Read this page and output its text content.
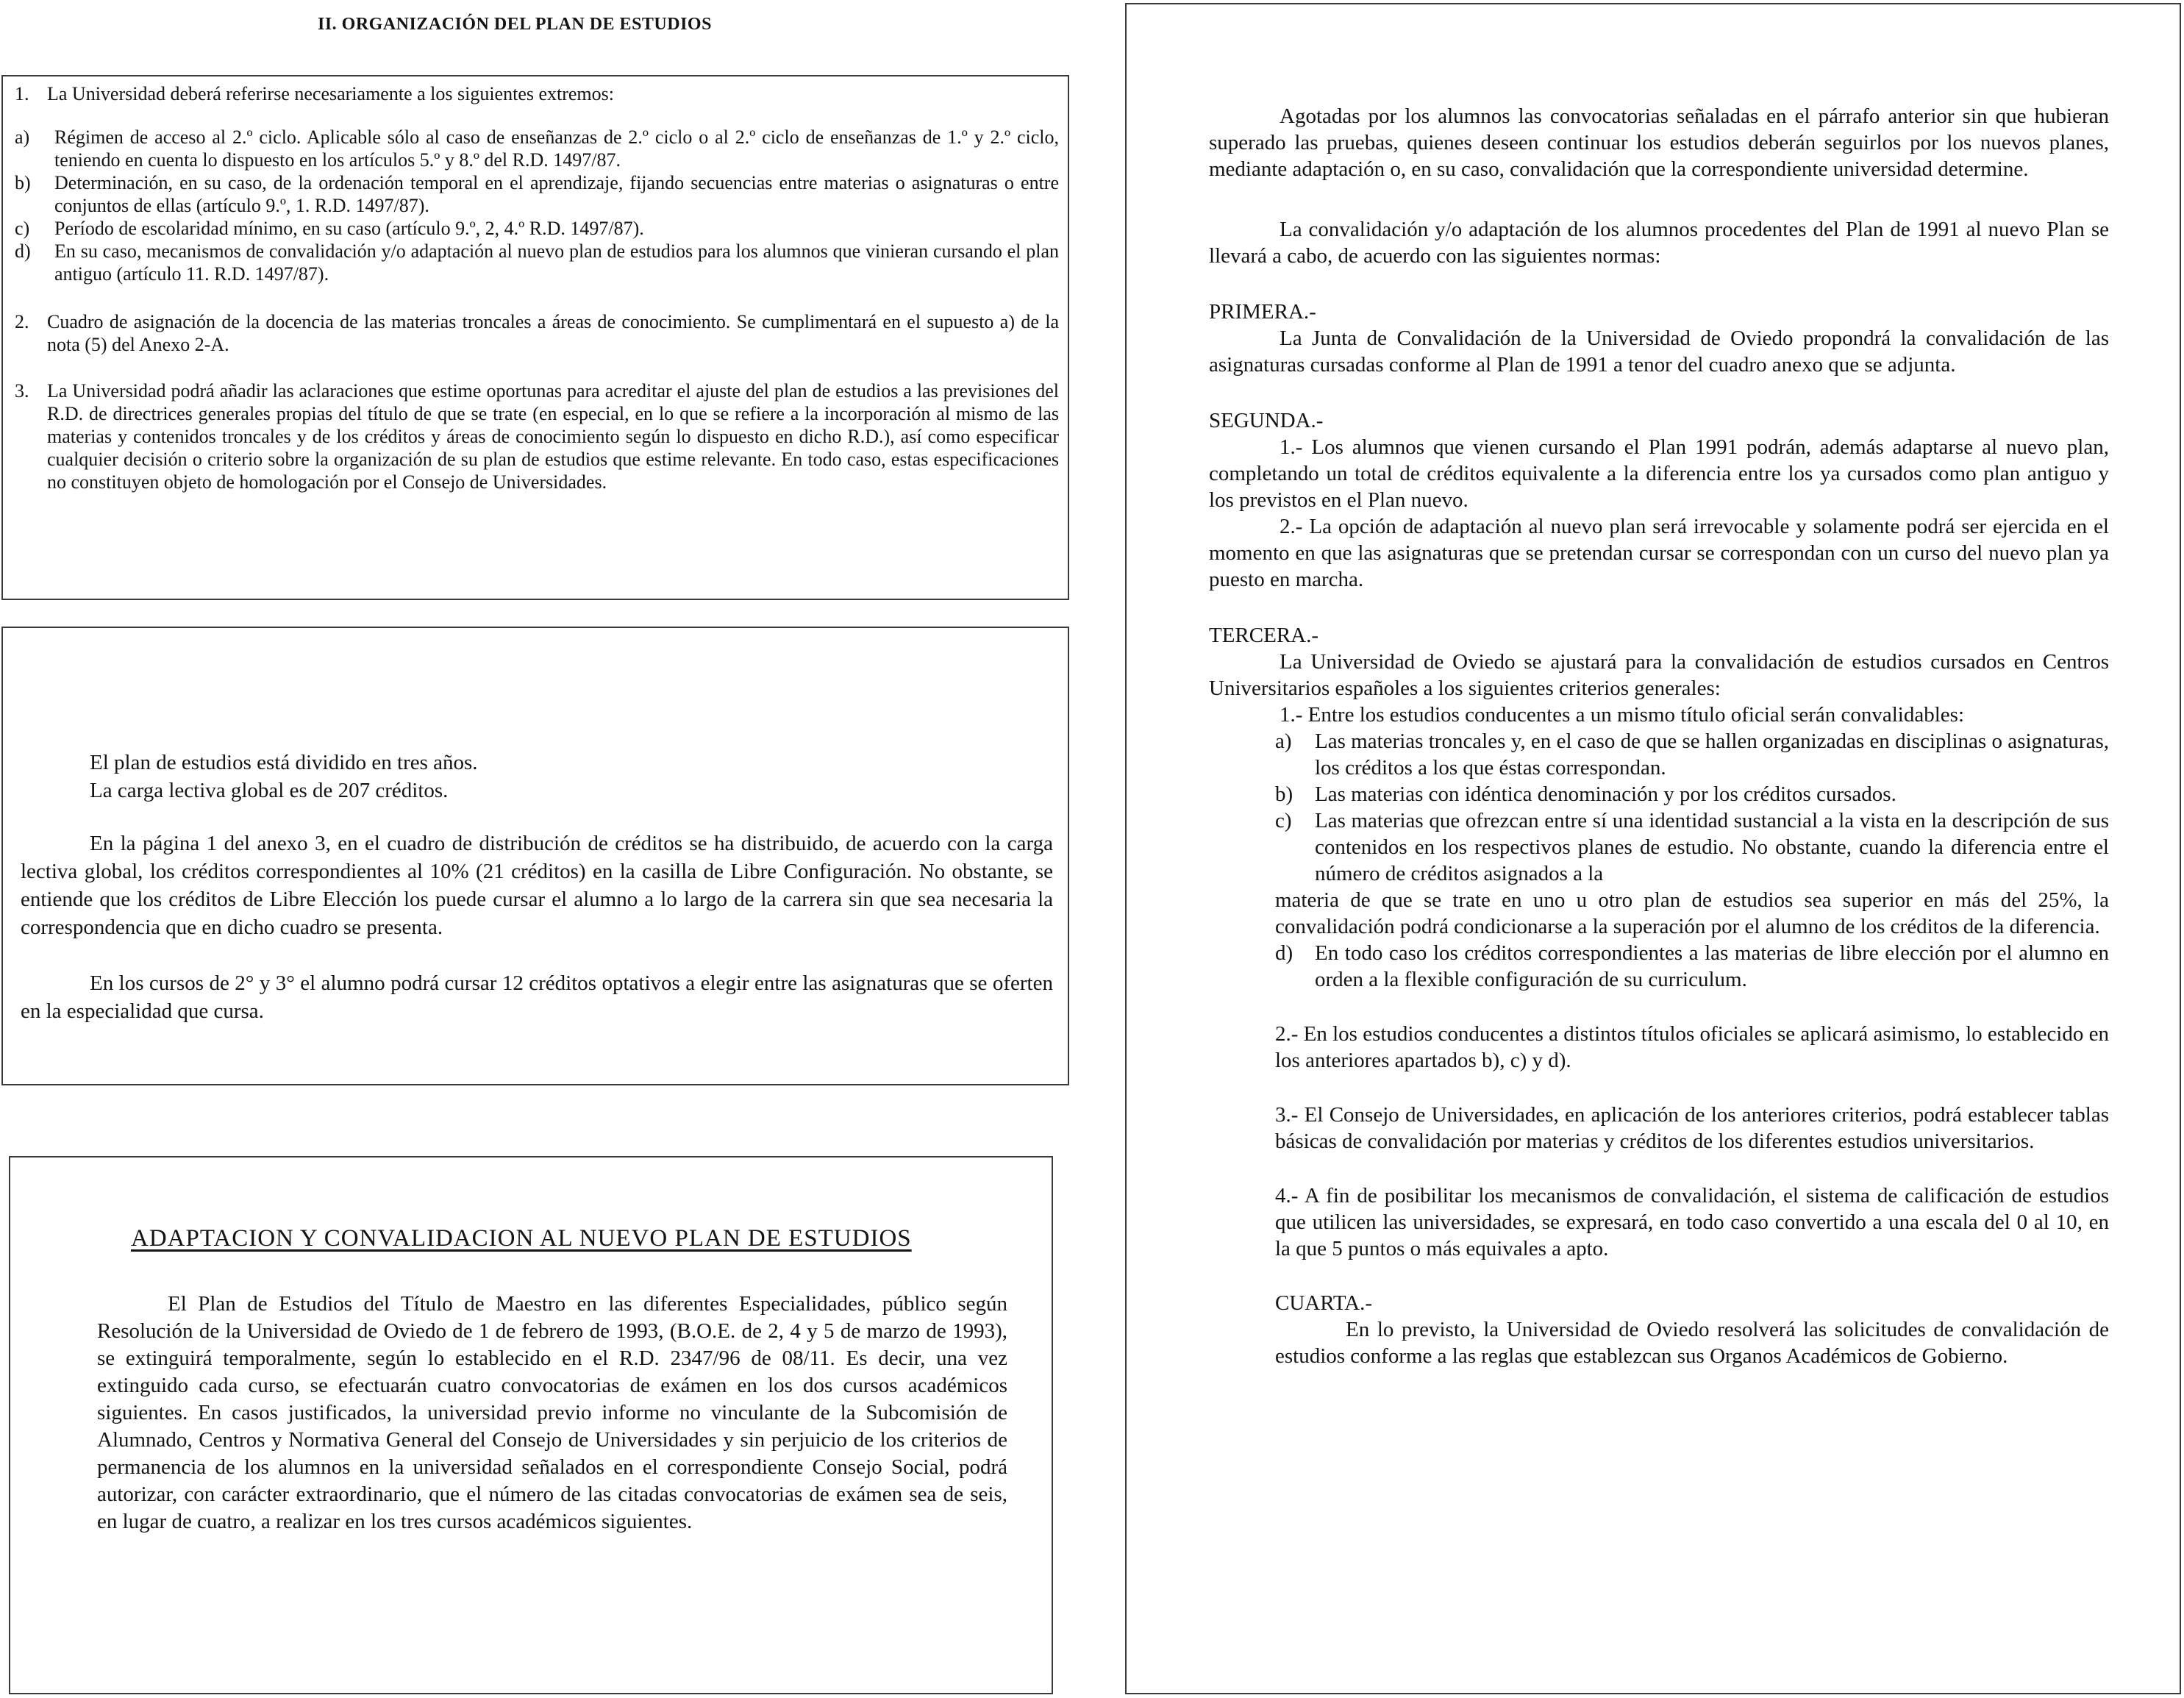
II. ORGANIZACIÓN DEL PLAN DE ESTUDIOS
1. La Universidad deberá referirse necesariamente a los siguientes extremos:
a)	Régimen de acceso al 2.º ciclo. Aplicable sólo al caso de enseñanzas de 2.º ciclo o al 2.º ciclo de enseñanzas de 1.º y 2.º ciclo, teniendo en cuenta lo dispuesto en los artículos 5.º y 8.º del R.D. 1497/87.
b)	Determinación, en su caso, de la ordenación temporal en el aprendizaje, fijando secuencias entre materias o asignaturas o entre conjuntos de ellas (artículo 9.º, 1. R.D. 1497/87).
c)	Período de escolaridad mínimo, en su caso (artículo 9.º, 2, 4.º R.D. 1497/87).
d)	En su caso, mecanismos de convalidación y/o adaptación al nuevo plan de estudios para los alumnos que vinieran cursando el plan antiguo (artículo 11. R.D. 1497/87).
2. Cuadro de asignación de la docencia de las materias troncales a áreas de conocimiento. Se cumplimentará en el supuesto a) de la nota (5) del Anexo 2-A.
3. La Universidad podrá añadir las aclaraciones que estime oportunas para acreditar el ajuste del plan de estudios a las previsiones del R.D. de directrices generales propias del título de que se trate (en especial, en lo que se refiere a la incorporación al mismo de las materias y contenidos troncales y de los créditos y áreas de conocimiento según lo dispuesto en dicho R.D.), así como especificar cualquier decisión o criterio sobre la organización de su plan de estudios que estime relevante. En todo caso, estas especificaciones no constituyen objeto de homologación por el Consejo de Universidades.

El plan de estudios está dividido en tres años.

La carga lectiva global es de 207 créditos.

En la página 1 del anexo 3, en el cuadro de distribución de créditos se ha distribuido, de acuerdo con la carga lectiva global, los créditos correspondientes al 10% (21 créditos) en la casilla de Libre Configuración. No obstante, se entiende que los créditos de Libre Elección los puede cursar el alumno a lo largo de la carrera sin que sea necesaria la correspondencia que en dicho cuadro se presenta.

En los cursos de 2° y 3° el alumno podrá cursar 12 créditos optativos a elegir entre las asignaturas que se oferten en la especialidad que cursa.

ADAPTACION Y CONVALIDACION AL NUEVO PLAN DE ESTUDIOS

El Plan de Estudios del Título de Maestro en las diferentes Especialidades, público según Resolución de la Universidad de Oviedo de 1 de febrero de 1993, (B.O.E. de 2, 4 y 5 de marzo de 1993), se extinguirá temporalmente, según lo establecido en el R.D. 2347/96 de 08/11. Es decir, una vez extinguido cada curso, se efectuarán cuatro convocatorias de exámen en los dos cursos académicos siguientes. En casos justificados, la universidad previo informe no vinculante de la Subcomisión de Alumnado, Centros y Normativa General del Consejo de Universidades y sin perjuicio de los criterios de permanencia de los alumnos en la universidad señalados en el correspondiente Consejo Social, podrá autorizar, con carácter extraordinario, que el número de las citadas convocatorias de exámen sea de seis, en lugar de cuatro, a realizar en los tres cursos académicos siguientes.

Agotadas por los alumnos las convocatorias señaladas en el párrafo anterior sin que hubieran superado las pruebas, quienes deseen continuar los estudios deberán seguirlos por los nuevos planes, mediante adaptación o, en su caso, convalidación que la correspondiente universidad determine.

La convalidación y/o adaptación de los alumnos procedentes del Plan de 1991 al nuevo Plan se llevará a cabo, de acuerdo con las siguientes normas:

PRIMERA.-

La Junta de Convalidación de la Universidad de Oviedo propondrá la convalidación de las asignaturas cursadas conforme al Plan de 1991 a tenor del cuadro anexo que se adjunta.

SEGUNDA.-

1.- Los alumnos que vienen cursando el Plan 1991 podrán, además adaptarse al nuevo plan, completando un total de créditos equivalente a la diferencia entre los ya cursados como plan antiguo y los previstos en el Plan nuevo.

2.- La opción de adaptación al nuevo plan será irrevocable y solamente podrá ser ejercida en el momento en que las asignaturas que se pretendan cursar se correspondan con un curso del nuevo plan ya puesto en marcha.

TERCERA.-

La Universidad de Oviedo se ajustará para la convalidación de estudios cursados en Centros Universitarios españoles a los siguientes criterios generales:

1.- Entre los estudios conducentes a un mismo título oficial serán convalidables:

a)	Las materias troncales y, en el caso de que se hallen organizadas en disciplinas o asignaturas, los créditos a los que éstas correspondan.
b)	Las materias con idéntica denominación y por los créditos cursados.
c)	Las materias que ofrezcan entre sí una identidad sustancial a la vista en la descripción de sus contenidos en los respectivos planes de estudio. No obstante, cuando la diferencia entre el número de créditos asignados a la

materia de que se trate en uno u otro plan de estudios sea superior en más del 25%, la convalidación podrá condicionarse a la superación por el alumno de los créditos de la diferencia.

d)	En todo caso los créditos correspondientes a las materias de libre elección por el alumno en orden a la flexible configuración de su curriculum.

2.- En los estudios conducentes a distintos títulos oficiales se aplicará asimismo, lo establecido en los anteriores apartados b), c) y d).

3.- El Consejo de Universidades, en aplicación de los anteriores criterios, podrá establecer tablas básicas de convalidación por materias y créditos de los diferentes estudios universitarios.

4.- A fin de posibilitar los mecanismos de convalidación, el sistema de calificación de estudios que utilicen las universidades, se expresará, en todo caso convertido a una escala del 0 al 10, en la que 5 puntos o más equivales a apto.

CUARTA.-

En lo previsto, la Universidad de Oviedo resolverá las solicitudes de convalidación de estudios conforme a las reglas que establezcan sus Organos Académicos de Gobierno.
